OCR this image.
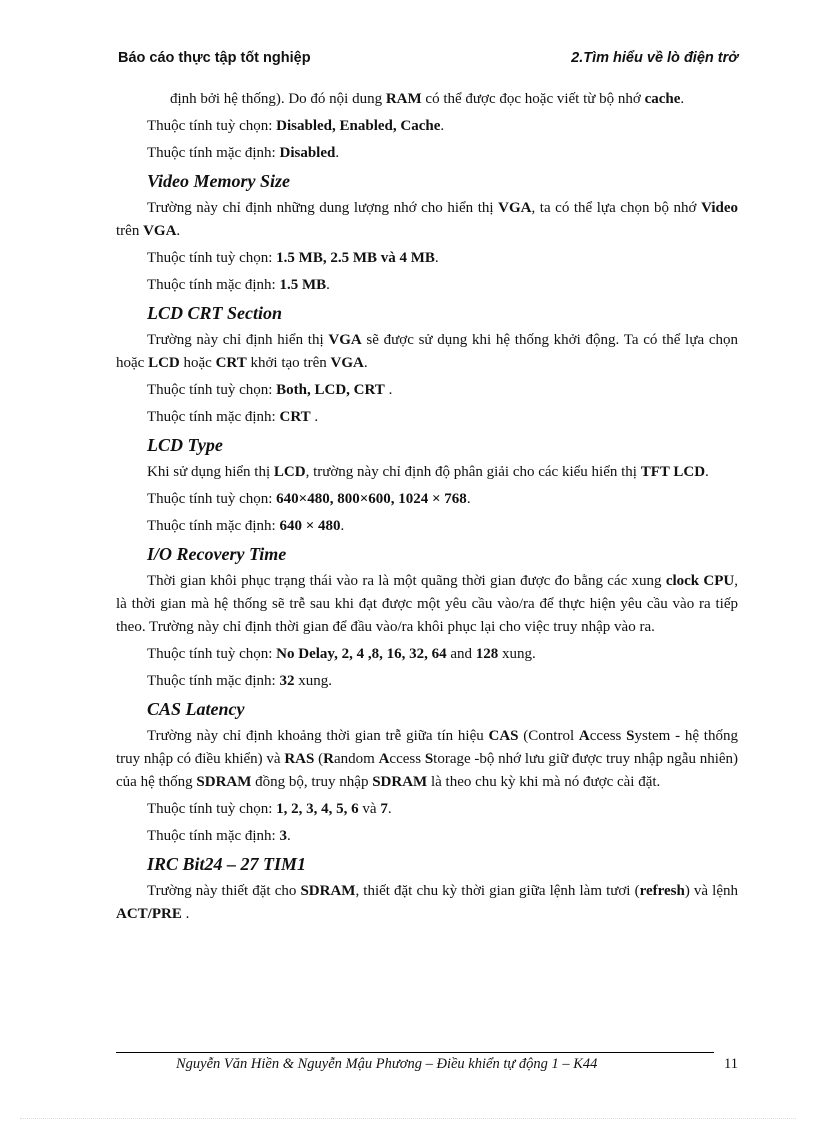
Báo cáo thực tập tốt nghiệp	2.Tìm hiểu về lò điện trở

định bởi hệ thống). Do đó nội dung RAM có thể được đọc hoặc viết từ bộ nhớ cache.

Thuộc tính tuỳ chọn: Disabled, Enabled, Cache.

Thuộc tính mặc định: Disabled.

Video Memory Size

Trường này chỉ định những dung lượng nhớ cho hiển thị VGA, ta có thể lựa chọn bộ nhớ Video trên VGA.

Thuộc tính tuỳ chọn: 1.5 MB, 2.5 MB và 4 MB.

Thuộc tính mặc định: 1.5 MB.

LCD CRT Section

Trường này chỉ định hiển thị VGA sẽ được sử dụng khi hệ thống khởi động. Ta có thể lựa chọn hoặc LCD hoặc CRT khởi tạo trên VGA.

Thuộc tính tuỳ chọn: Both, LCD, CRT .

Thuộc tính mặc định: CRT .

LCD Type

Khi sử dụng hiển thị LCD, trường này chỉ định độ phân giải cho các kiểu hiển thị TFT LCD.

Thuộc tính tuỳ chọn: 640×480, 800×600, 1024 × 768.

Thuộc tính mặc định: 640 × 480.

I/O Recovery Time

Thời gian khôi phục trạng thái vào ra là một quãng thời gian được đo bằng các xung clock CPU, là thời gian mà hệ thống sẽ trễ sau khi đạt được một yêu cầu vào/ra để thực hiện yêu cầu vào ra tiếp theo. Trường này chỉ định thời gian để đầu vào/ra khôi phục lại cho việc truy nhập vào ra.

Thuộc tính tuỳ chọn: No Delay, 2, 4 ,8, 16, 32, 64 and 128 xung.

Thuộc tính mặc định: 32 xung.

CAS Latency

Trường này chỉ định khoảng thời gian trễ giữa tín hiệu CAS (Control Access System - hệ thống truy nhập có điều khiển) và RAS (Random Access Storage -bộ nhớ lưu giữ được truy nhập ngẫu nhiên) của hệ thống SDRAM đồng bộ, truy nhập SDRAM là theo chu kỳ khi mà nó được cài đặt.

Thuộc tính tuỳ chọn: 1, 2, 3, 4, 5, 6 và 7.

Thuộc tính mặc định: 3.

IRC Bit24 – 27 TIM1

Trường này thiết đặt cho SDRAM, thiết đặt chu kỳ thời gian giữa lệnh làm tươi (refresh) và lệnh ACT/PRE .

Nguyễn Văn Hiền & Nguyễn Mậu Phương – Điều khiển tự động 1 – K44	11
